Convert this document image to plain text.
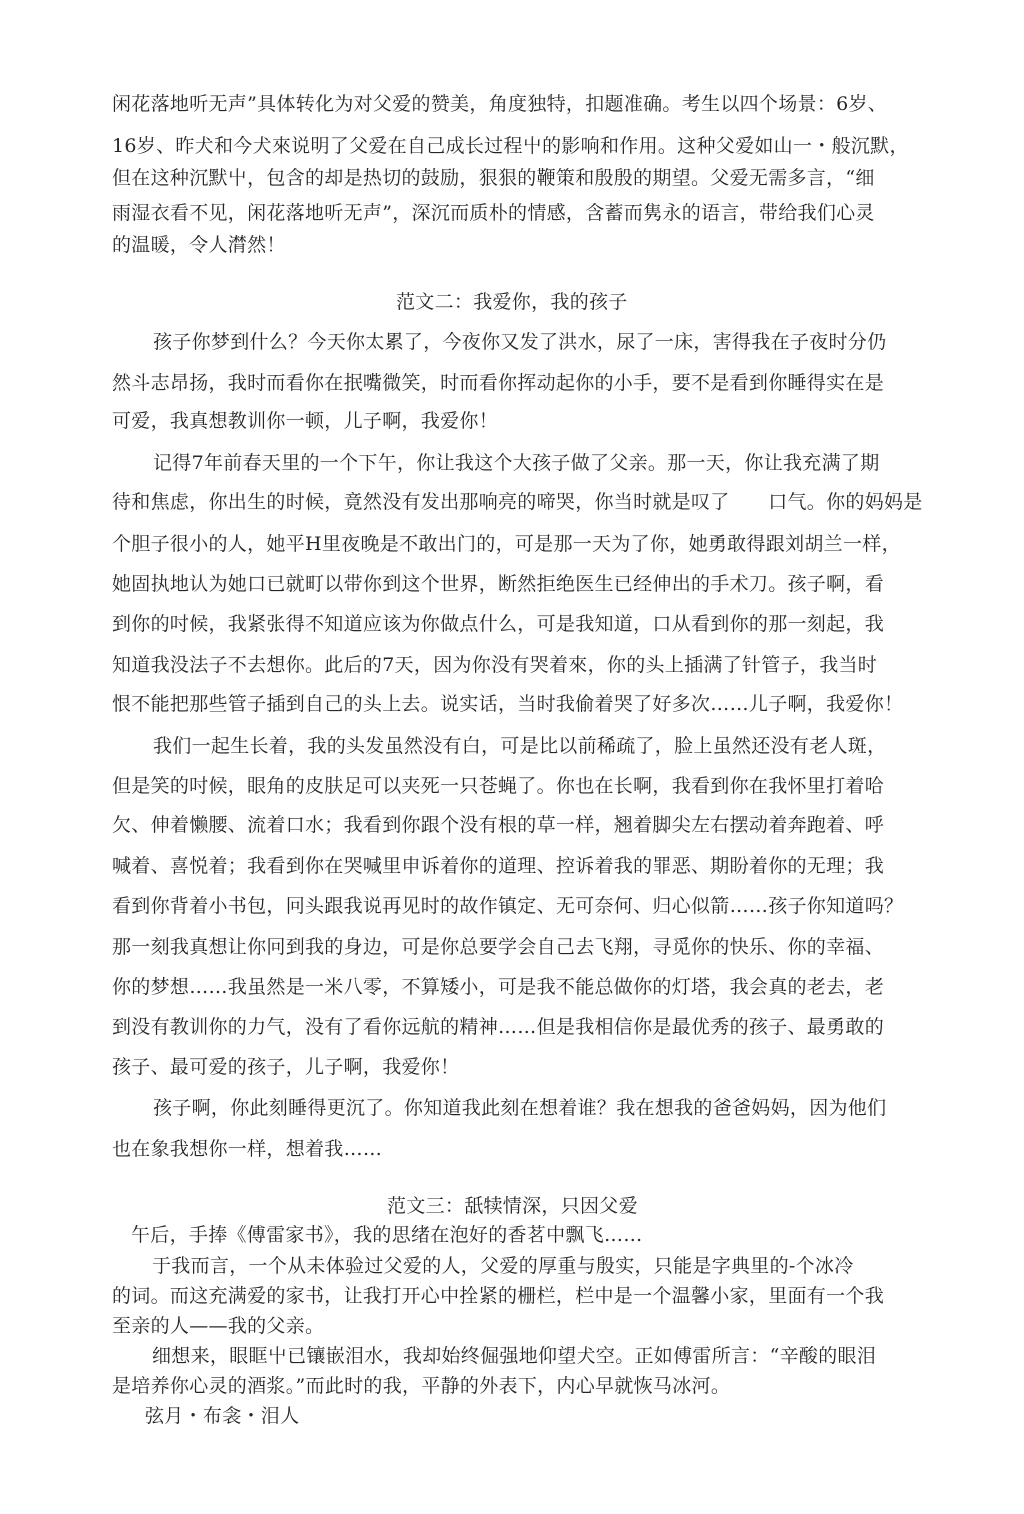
闲花落地听无声”具体转化为对父爱的赞美，角度独特，扣题准确。考生以四个场景：6岁、
16岁、昨犬和今犬來说明了父爱在自己成长过程屮的影响和作用。这种父爱如山一・般沉默，
但在这种沉默屮，包含的却是热切的鼓励，狠狠的鞭策和殷殷的期望。父爱无需多言，“细
雨湿衣看不见，闲花落地听无声”，深沉而质朴的情感，含蓄而隽永的语言，带给我们心灵
的温暖，令人潸然！
范文二：我爱你，我的孩子
孩子你梦到什么？今天你太累了，今夜你又发了洪水，尿了一床，害得我在子夜时分仍
然斗志昂扬，我时而看你在抿嘴微笑，时而看你挥动起你的小手，要不是看到你睡得实在是
可爱，我真想教训你一顿，儿子啊，我爱你！
记得7年前春天里的一个下午，你让我这个大孩子做了父亲。那一天，你让我充满了期
待和焦虑，你出生的时候，竟然没有发出那响亮的啼哭，你当时就是叹了　　口气。你的妈妈是
个胆子很小的人，她平H里夜晚是不敢出门的，可是那一天为了你，她勇敢得跟刘胡兰一样，
她固执地认为她口已就町以带你到这个世界，断然拒绝医生已经伸出的手术刀。孩子啊，看
到你的吋候，我紧张得不知道应该为你做点什么，可是我知道，口从看到你的那一刻起，我
知道我没法子不去想你。此后的7天，因为你没有哭着來，你的头上插满了针管子，我当时
恨不能把那些管子插到自己的头上去。说实话，当时我偷着哭了好多次……儿子啊，我爱你！
我们一起生长着，我的头发虽然没有白，可是比以前稀疏了，脸上虽然还没有老人斑，
但是笑的吋候，眼角的皮肤足可以夹死一只苍蝇了。你也在长啊，我看到你在我怀里打着哈
欠、伸着懒腰、流着口水；我看到你跟个没有根的草一样，翘着脚尖左右摆动着奔跑着、呼
喊着、喜悦着；我看到你在哭喊里申诉着你的道理、控诉着我的罪恶、期盼着你的无理；我
看到你背着小书包，冋头跟我说再见时的故作镇定、无可奈何、归心似箭……孩子你知道吗？
那一刻我真想让你冋到我的身边，可是你总要学会自己去飞翔，寻觅你的快乐、你的幸福、
你的梦想……我虽然是一米八零，不算矮小，可是我不能总做你的灯塔，我会真的老去，老
到没有教训你的力气，没有了看你远航的精神……但是我相信你是最优秀的孩子、最勇敢的
孩子、最可爱的孩子，儿子啊，我爱你！
孩子啊，你此刻睡得更沉了。你知道我此刻在想着谁？我在想我的爸爸妈妈，因为他们
也在象我想你一样，想着我……
范文三：舐犊情深，只因父爱
午后，手捧《傅雷家书》，我的思绪在泡好的香茗中飘飞……
于我而言，一个从未体验过父爱的人，父爱的厚重与殷实，只能是字典里的-个冰冷
的词。而这充满爱的家书，让我打开心中拴紧的栅栏，栏中是一个温馨小家，里面有一个我
至亲的人——我的父亲。
细想来，眼眶屮已镶嵌泪水，我却始终倔强地仰望犬空。正如傅雷所言：“辛酸的眼泪
是培养你心灵的酒浆。”而此时的我，平静的外表下，内心早就恢马冰河。
弦月・布衾・泪人
